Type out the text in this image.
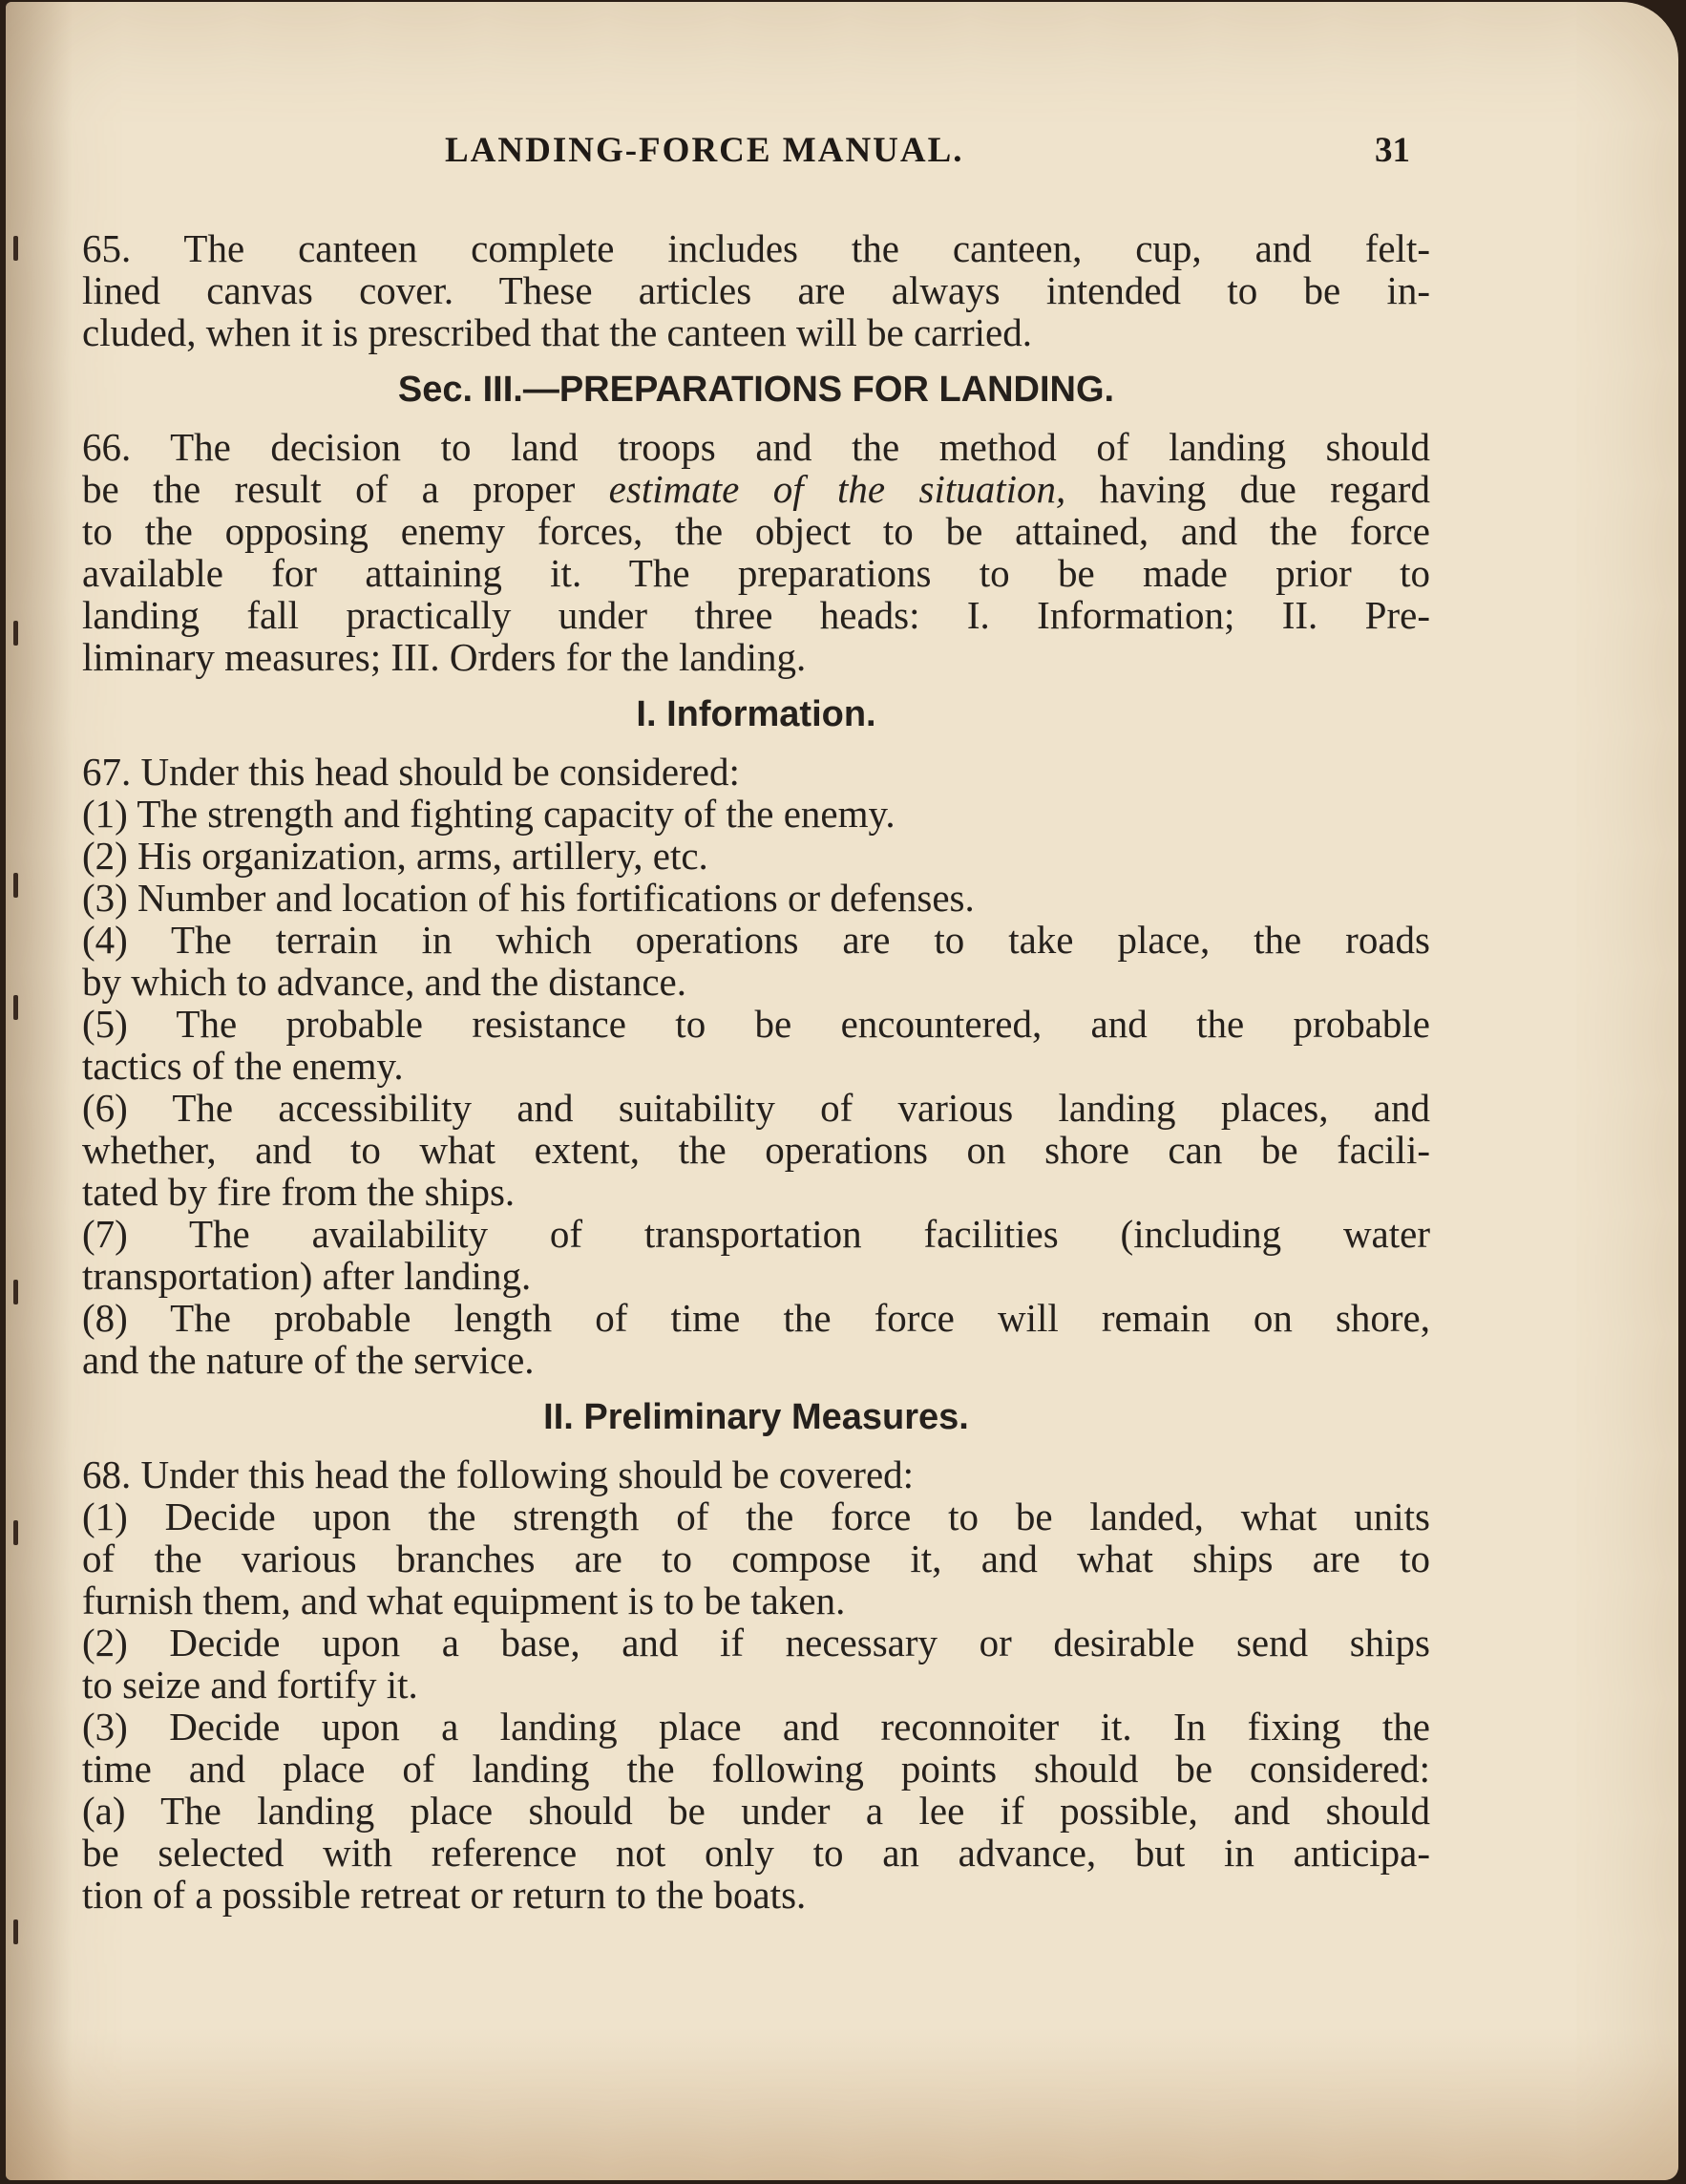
LANDING-FORCE MANUAL.	31
65. The canteen complete includes the canteen, cup, and felt-
lined canvas cover. These articles are always intended to be in-
cluded, when it is prescribed that the canteen will be carried.
Sec. III.—PREPARATIONS FOR LANDING.
66. The decision to land troops and the method of landing should
be the result of a proper estimate of the situation, having due regard
to the opposing enemy forces, the object to be attained, and the force
available for attaining it. The preparations to be made prior to
landing fall practically under three heads: I. Information; II. Pre-
liminary measures; III. Orders for the landing.
I. Information.
67. Under this head should be considered:
(1) The strength and fighting capacity of the enemy.
(2) His organization, arms, artillery, etc.
(3) Number and location of his fortifications or defenses.
(4) The terrain in which operations are to take place, the roads
by which to advance, and the distance.
(5) The probable resistance to be encountered, and the probable
tactics of the enemy.
(6) The accessibility and suitability of various landing places, and
whether, and to what extent, the operations on shore can be facili-
tated by fire from the ships.
(7) The availability of transportation facilities (including water
transportation) after landing.
(8) The probable length of time the force will remain on shore,
and the nature of the service.
II. Preliminary Measures.
68. Under this head the following should be covered:
(1) Decide upon the strength of the force to be landed, what units
of the various branches are to compose it, and what ships are to
furnish them, and what equipment is to be taken.
(2) Decide upon a base, and if necessary or desirable send ships
to seize and fortify it.
(3) Decide upon a landing place and reconnoiter it. In fixing the
time and place of landing the following points should be considered:
(a) The landing place should be under a lee if possible, and should
be selected with reference not only to an advance, but in anticipa-
tion of a possible retreat or return to the boats.
